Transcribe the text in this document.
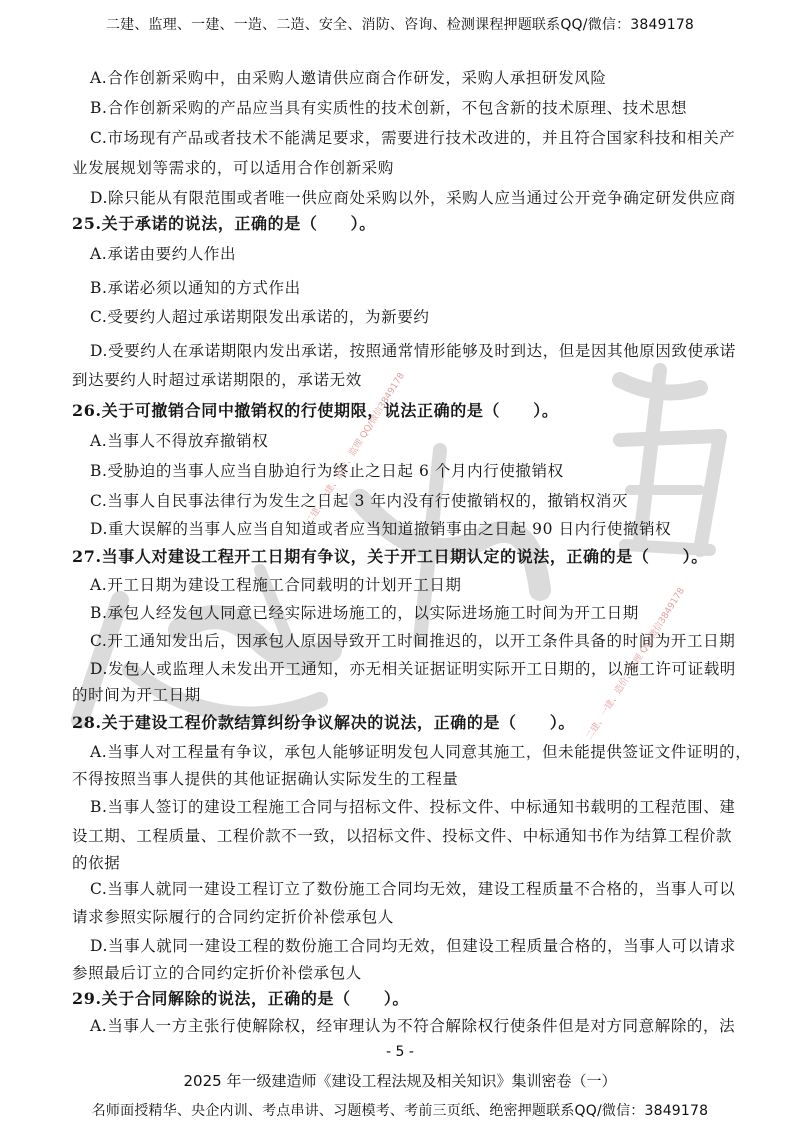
二建、一建、造价、监理 QQ/微信3849178
二建、一建、造价、监理 QQ/微信3849178
二建、监理、一建、一造、二造、安全、消防、咨询、检测课程押题联系QQ/微信：3849178
A.合作创新采购中，由采购人邀请供应商合作研发，采购人承担研发风险
B.合作创新采购的产品应当具有实质性的技术创新，不包含新的技术原理、技术思想
C.市场现有产品或者技术不能满足要求，需要进行技术改进的，并且符合国家科技和相关产
业发展规划等需求的，可以适用合作创新采购
D.除只能从有限范围或者唯一供应商处采购以外，采购人应当通过公开竞争确定研发供应商
25.关于承诺的说法，正确的是（　　）。
A.承诺由要约人作出
B.承诺必须以通知的方式作出
C.受要约人超过承诺期限发出承诺的，为新要约
D.受要约人在承诺期限内发出承诺，按照通常情形能够及时到达，但是因其他原因致使承诺
到达要约人时超过承诺期限的，承诺无效
26.关于可撤销合同中撤销权的行使期限，说法正确的是（　　）。
A.当事人不得放弃撤销权
B.受胁迫的当事人应当自胁迫行为终止之日起 6 个月内行使撤销权
C.当事人自民事法律行为发生之日起 3 年内没有行使撤销权的，撤销权消灭
D.重大误解的当事人应当自知道或者应当知道撤销事由之日起 90 日内行使撤销权
27.当事人对建设工程开工日期有争议，关于开工日期认定的说法，正确的是（　　）。
A.开工日期为建设工程施工合同载明的计划开工日期
B.承包人经发包人同意已经实际进场施工的，以实际进场施工时间为开工日期
C.开工通知发出后，因承包人原因导致开工时间推迟的，以开工条件具备的时间为开工日期
D.发包人或监理人未发出开工通知，亦无相关证据证明实际开工日期的，以施工许可证载明
的时间为开工日期
28.关于建设工程价款结算纠纷争议解决的说法，正确的是（　　）。
A.当事人对工程量有争议，承包人能够证明发包人同意其施工，但未能提供签证文件证明的，
不得按照当事人提供的其他证据确认实际发生的工程量
B.当事人签订的建设工程施工合同与招标文件、投标文件、中标通知书载明的工程范围、建
设工期、工程质量、工程价款不一致，以招标文件、投标文件、中标通知书作为结算工程价款
的依据
C.当事人就同一建设工程订立了数份施工合同均无效，建设工程质量不合格的，当事人可以
请求参照实际履行的合同约定折价补偿承包人
D.当事人就同一建设工程的数份施工合同均无效，但建设工程质量合格的，当事人可以请求
参照最后订立的合同约定折价补偿承包人
29.关于合同解除的说法，正确的是（　　）。
A.当事人一方主张行使解除权，经审理认为不符合解除权行使条件但是对方同意解除的，法
- 5 -
2025 年一级建造师《建设工程法规及相关知识》集训密卷（一）
名师面授精华、央企内训、考点串讲、习题模考、考前三页纸、绝密押题联系QQ/微信：3849178
